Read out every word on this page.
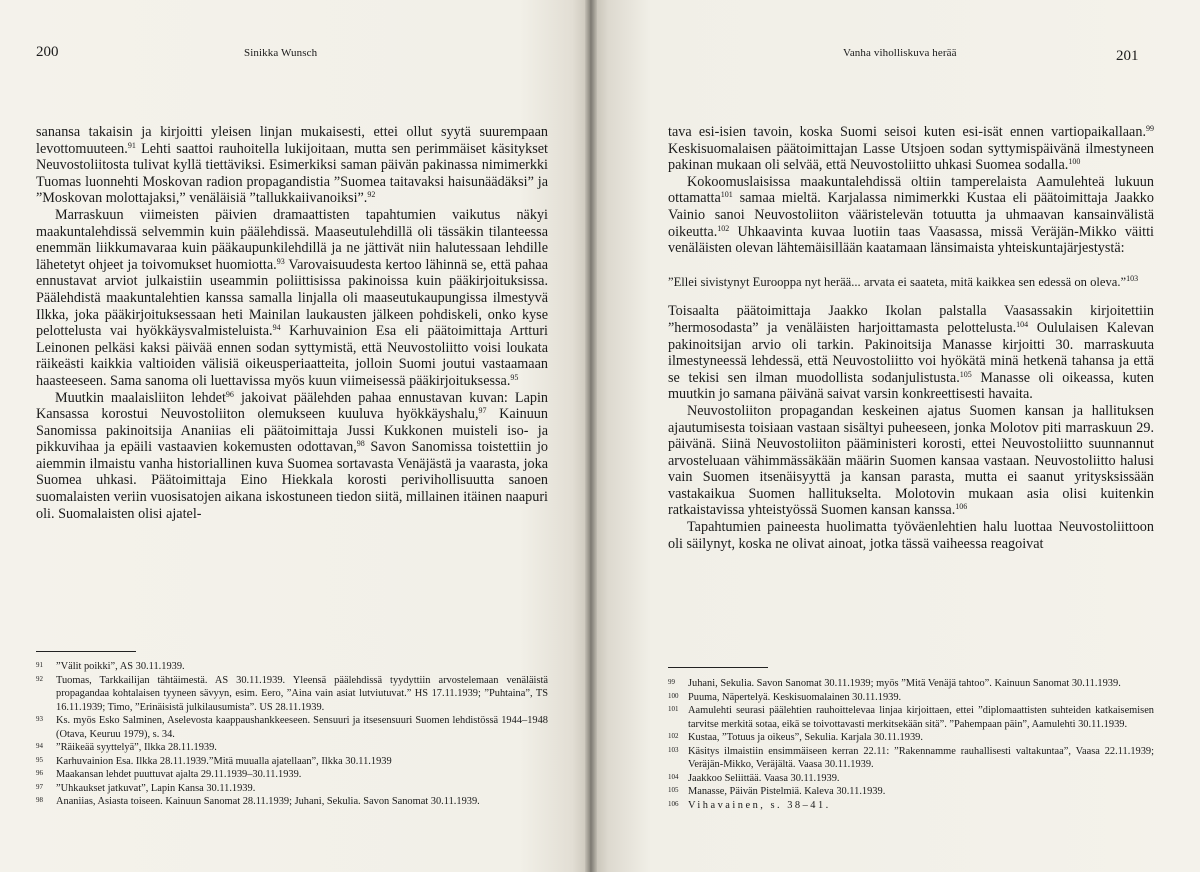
200	Sinikka Wunsch

sanansa takaisin ja kirjoitti yleisen linjan mukaisesti, ettei ollut syytä suurempaan levottomuuteen.$^{91}$ Lehti saattoi rauhoitella lukijoitaan, mutta sen perimmäiset käsitykset Neuvostoliitosta tulivat kyllä tiettäviksi. Esimerkiksi saman päivän pakinassa nimimerkki Tuomas luonnehti Moskovan radion propagandistia ”Suomea taitavaksi haisunäädäksi” ja ”Moskovan molottajaksi,” venäläisiä ”tallukkaiivanoiksi”.$^{92}$

Marraskuun viimeisten päivien dramaattisten tapahtumien vaikutus näkyi maakuntalehdissä selvemmin kuin päälehdissä. Maaseutulehdillä oli tässäkin tilanteessa enemmän liikkumavaraa kuin pääkaupunkilehdillä ja ne jättivät niin halutessaan lehdille lähetetyt ohjeet ja toivomukset huomiotta.$^{93}$ Varovaisuudesta kertoo lähinnä se, että pahaa ennustavat arviot julkaistiin useammin poliittisissa pakinoissa kuin pääkirjoituksissa. Päälehdistä maakuntalehtien kanssa samalla linjalla oli maaseutukaupungissa ilmestyvä Ilkka, joka pääkirjoituksessaan heti Mainilan laukausten jälkeen pohdiskeli, onko kyse pelottelusta vai hyökkäysvalmisteluista.$^{94}$ Karhuvainion Esa eli päätoimittaja Artturi Leinonen pelkäsi kaksi päivää ennen sodan syttymistä, että Neuvostoliitto voisi loukata räikeästi kaikkia valtioiden välisiä oikeusperiaatteita, jolloin Suomi joutui vastaamaan haasteeseen. Sama sanoma oli luettavissa myös kuun viimeisessä pääkirjoituksessa.$^{95}$

Muutkin maalaisliiton lehdet$^{96}$ jakoivat päälehden pahaa ennustavan kuvan: Lapin Kansassa korostui Neuvostoliiton olemukseen kuuluva hyökkäyshalu,$^{97}$ Kainuun Sanomissa pakinoitsija Ananiias eli päätoimittaja Jussi Kukkonen muisteli iso- ja pikkuvihaa ja epäili vastaavien kokemusten odottavan,$^{98}$ Savon Sanomissa toistettiin jo aiemmin ilmaistu vanha historiallinen kuva Suomea sortavasta Venäjästä ja vaarasta, joka Suomea uhkasi. Päätoimittaja Eino Hiekkala korosti perivihollisuutta sanoen suomalaisten veriin vuosisatojen aikana iskostuneen tiedon siitä, millainen itäinen naapuri oli. Suomalaisten olisi ajatel-

91	”Välit poikki”, AS 30.11.1939.
92	Tuomas, Tarkkailijan tähtäimestä. AS 30.11.1939. Yleensä päälehdissä tyydyttiin arvostelemaan venäläistä propagandaa kohtalaisen tyyneen sävyyn, esim. Eero, ”Aina vain asiat lutviutuvat.” HS 17.11.1939; ”Puhtaina”, TS 16.11.1939; Timo, ”Erinäisistä julkilausumista”. US 28.11.1939.
93	Ks. myös Esko Salminen, Aselevosta kaappaushankkeeseen. Sensuuri ja itsesensuuri Suomen lehdistössä 1944–1948 (Otava, Keuruu 1979), s. 34.
94	”Räikeää syyttelyä”, Ilkka 28.11.1939.
95	Karhuvainion Esa. Ilkka 28.11.1939.”Mitä muualla ajatellaan”, Ilkka 30.11.1939
96	Maakansan lehdet puuttuvat ajalta 29.11.1939–30.11.1939.
97	”Uhkaukset jatkuvat”, Lapin Kansa 30.11.1939.
98	Ananiias, Asiasta toiseen. Kainuun Sanomat 28.11.1939; Juhani, Sekulia. Savon Sanomat 30.11.1939.
Vanha viholliskuva herää	201

tava esi-isien tavoin, koska Suomi seisoi kuten esi-isät ennen vartiopaikallaan.$^{99}$ Keskisuomalaisen päätoimittajan Lasse Utsjoen sodan syttymispäivänä ilmestyneen pakinan mukaan oli selvää, että Neuvostoliitto uhkasi Suomea sodalla.$^{100}$

Kokoomuslaisissa maakuntalehdissä oltiin tamperelaista Aamulehteä lukuun ottamatta$^{101}$ samaa mieltä. Karjalassa nimimerkki Kustaa eli päätoimittaja Jaakko Vainio sanoi Neuvostoliiton vääristelevän totuutta ja uhmaavan kansainvälistä oikeutta.$^{102}$ Uhkaavinta kuvaa luotiin taas Vaasassa, missä Veräjän-Mikko väitti venäläisten olevan lähtemäisillään kaatamaan länsimaista yhteiskuntajärjestystä:

”Ellei sivistynyt Eurooppa nyt herää... arvata ei saateta, mitä kaikkea sen edessä on oleva.”$^{103}$

Toisaalta päätoimittaja Jaakko Ikolan palstalla Vaasassakin kirjoitettiin ”hermosodasta” ja venäläisten harjoittamasta pelottelusta.$^{104}$ Oululaisen Kalevan pakinoitsijan arvio oli tarkin. Pakinoitsija Manasse kirjoitti 30. marraskuuta ilmestyneessä lehdessä, että Neuvostoliitto voi hyökätä minä hetkenä tahansa ja että se tekisi sen ilman muodollista sodanjulistusta.$^{105}$ Manasse oli oikeassa, kuten muutkin jo samana päivänä saivat varsin konkreettisesti havaita.

Neuvostoliiton propagandan keskeinen ajatus Suomen kansan ja hallituksen ajautumisesta toisiaan vastaan sisältyi puheeseen, jonka Molotov piti marraskuun 29. päivänä. Siinä Neuvostoliiton pääministeri korosti, ettei Neuvostoliitto suunnannut arvosteluaan vähimmässäkään määrin Suomen kansaa vastaan. Neuvostoliitto halusi vain Suomen itsenäisyyttä ja kansan parasta, mutta ei saanut yritysksissään vastakaikua Suomen hallitukselta. Molotovin mukaan asia olisi kuitenkin ratkaistavissa yhteistyössä Suomen kansan kanssa.$^{106}$

Tapahtumien paineesta huolimatta työväenlehtien halu luottaa Neuvostoliittoon oli säilynyt, koska ne olivat ainoat, jotka tässä vaiheessa reagoivat

99	Juhani, Sekulia. Savon Sanomat 30.11.1939; myös ”Mitä Venäjä tahtoo”. Kainuun Sanomat 30.11.1939.
100 Puuma, Näpertelyä. Keskisuomalainen 30.11.1939.
101 Aamulehti seurasi päälehtien rauhoittelevaa linjaa kirjoittaen, ettei ”diplomaattisten suhteiden katkaisemisen tarvitse merkitä sotaa, eikä se toivottavasti merkitsekään sitä”. ”Pahempaan päin”, Aamulehti 30.11.1939.
102 Kustaa, ”Totuus ja oikeus”, Sekulia. Karjala 30.11.1939.
103 Käsitys ilmaistiin ensimmäiseen kerran 22.11: ”Rakennamme rauhallisesti valtakuntaa”, Vaasa 22.11.1939; Veräjän-Mikko, Veräjältä. Vaasa 30.11.1939.
104 Jaakkoo Seliittää. Vaasa 30.11.1939.
105 Manasse, Päivän Pistelmiä. Kaleva 30.11.1939.
106 Vihavainen, s. 38–41.
